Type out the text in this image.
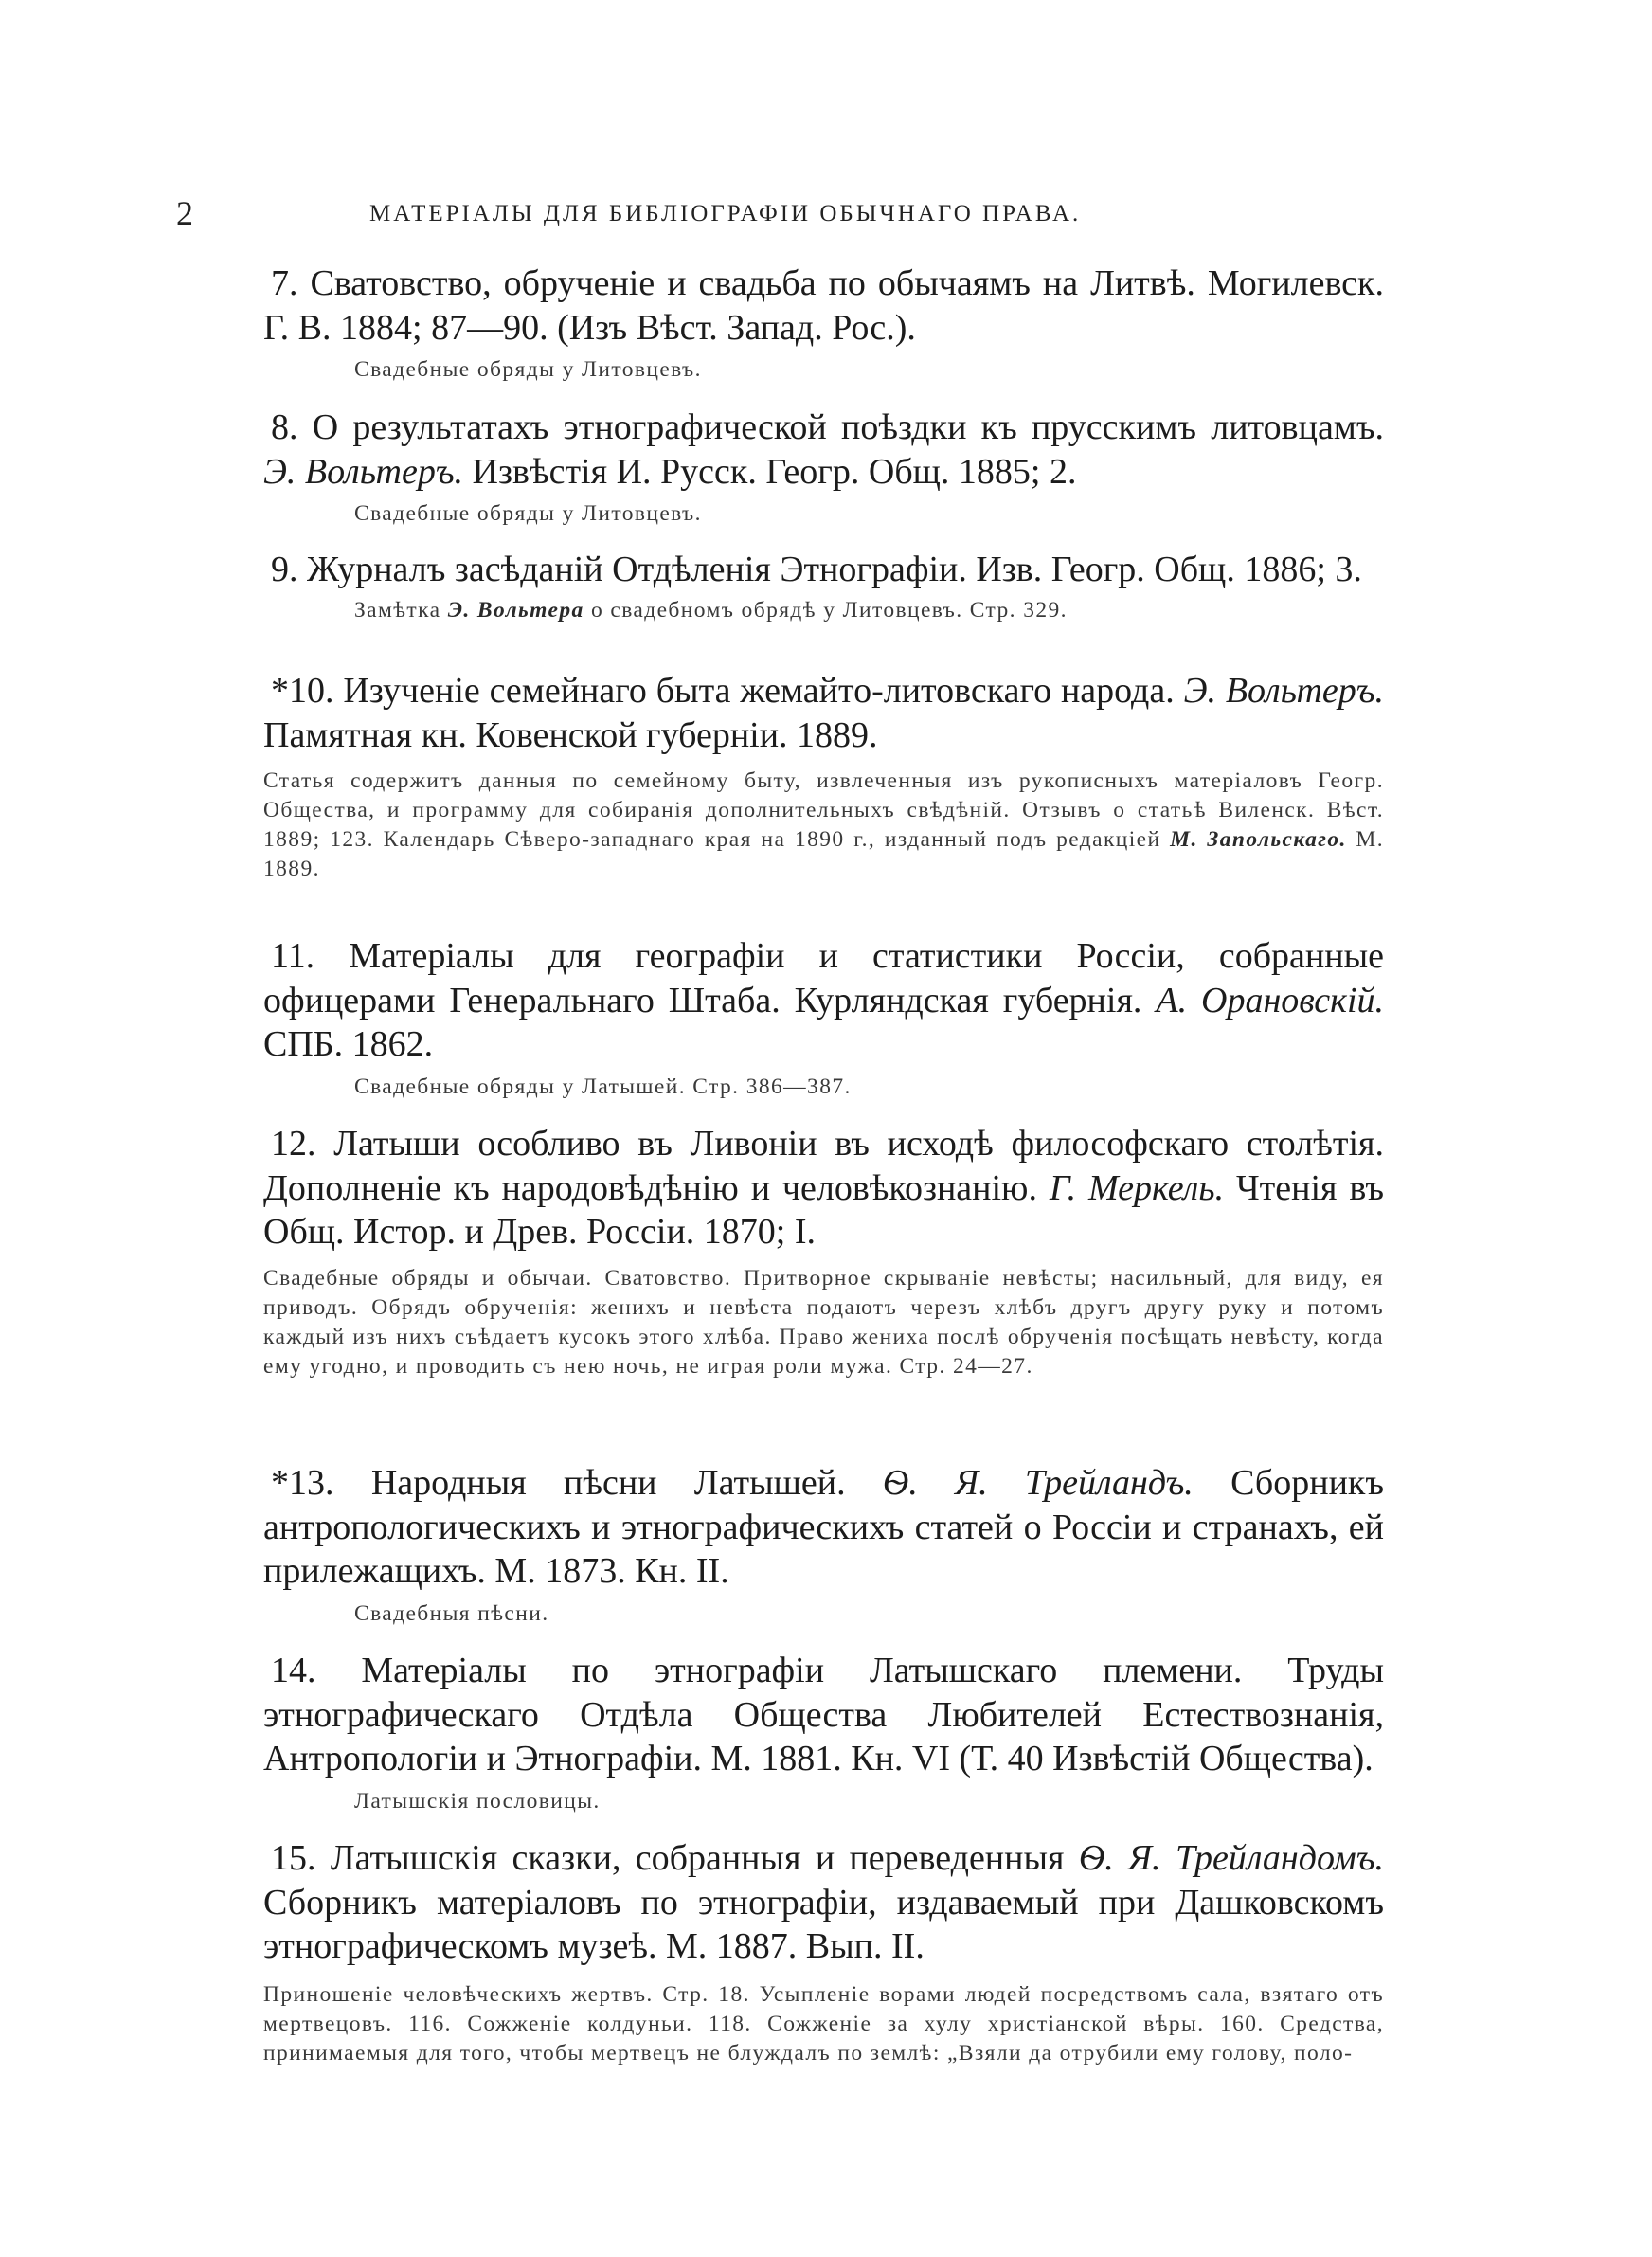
2	МАТЕРІАЛЫ ДЛЯ БИБЛІОГРАФІИ ОБЫЧНАГО ПРАВА.
7. Сватовство, обрученіе и свадьба по обычаямъ на Литвѣ. Могилевск. Г. В. 1884; 87—90. (Изъ Вѣст. Запад. Рос.).
Свадебные обряды у Литовцевъ.
8. О результатахъ этнографической поѣздки къ прусскимъ литовцамъ. Э. Вольтеръ. Извѣстія И. Русск. Геогр. Общ. 1885; 2.
Свадебные обряды у Литовцевъ.
9. Журналъ засѣданій Отдѣленія Этнографіи. Изв. Геогр. Общ. 1886; 3.
Замѣтка Э. Вольтера о свадебномъ обрядѣ у Литовцевъ. Стр. 329.
*10. Изученіе семейнаго быта жемайто-литовскаго народа. Э. Вольтеръ. Памятная кн. Ковенской губерніи. 1889.
Статья содержитъ данныя по семейному быту, извлеченныя изъ рукописныхъ матеріаловъ Геогр. Общества, и программу для собиранія дополнительныхъ свѣдѣній. Отзывъ о статьѣ Виленск. Вѣст. 1889; 123. Календарь Сѣверо-западнаго края на 1890 г., изданный подъ редакціей М. Запольскаго. М. 1889.
11. Матеріалы для географіи и статистики Россіи, собранные офицерами Генеральнаго Штаба. Курляндская губернія. А. Орановскій. СПБ. 1862.
Свадебные обряды у Латышей. Стр. 386—387.
12. Латыши особливо въ Ливоніи въ исходѣ философскаго столѣтія. Дополненіе къ народовѣдѣнію и человѣкознанію. Г. Меркель. Чтенія въ Общ. Истор. и Древ. Россіи. 1870; I.
Свадебные обряды и обычаи. Сватовство. Притворное скрываніе невѣсты; насильный, для виду, ея приводъ. Обрядъ обрученія: женихъ и невѣста подаютъ черезъ хлѣбъ другъ другу руку и потомъ каждый изъ нихъ съѣдаетъ кусокъ этого хлѣба. Право жениха послѣ обрученія посѣщать невѣсту, когда ему угодно, и проводить съ нею ночь, не играя роли мужа. Стр. 24—27.
*13. Народныя пѣсни Латышей. Ѳ. Я. Трейландъ. Сборникъ антропологическихъ и этнографическихъ статей о Россіи и странахъ, ей прилежащихъ. М. 1873. Кн. II.
Свадебныя пѣсни.
14. Матеріалы по этнографіи Латышскаго племени. Труды этнографическаго Отдѣла Общества Любителей Естествознанія, Антропологіи и Этнографіи. М. 1881. Кн. VI (Т. 40 Извѣстій Общества).
Латышскія пословицы.
15. Латышскія сказки, собранныя и переведенныя Ѳ. Я. Трейландомъ. Сборникъ матеріаловъ по этнографіи, издаваемый при Дашковскомъ этнографическомъ музеѣ. М. 1887. Вып. II.
Приношеніе человѣческихъ жертвъ. Стр. 18. Усыпленіе ворами людей посредствомъ сала, взятаго отъ мертвецовъ. 116. Сожженіе колдуньи. 118. Сожженіе за хулу христіанской вѣры. 160. Средства, принимаемыя для того, чтобы мертвецъ не блуждалъ по землѣ: „Взяли да отрубили ему голову, поло-
